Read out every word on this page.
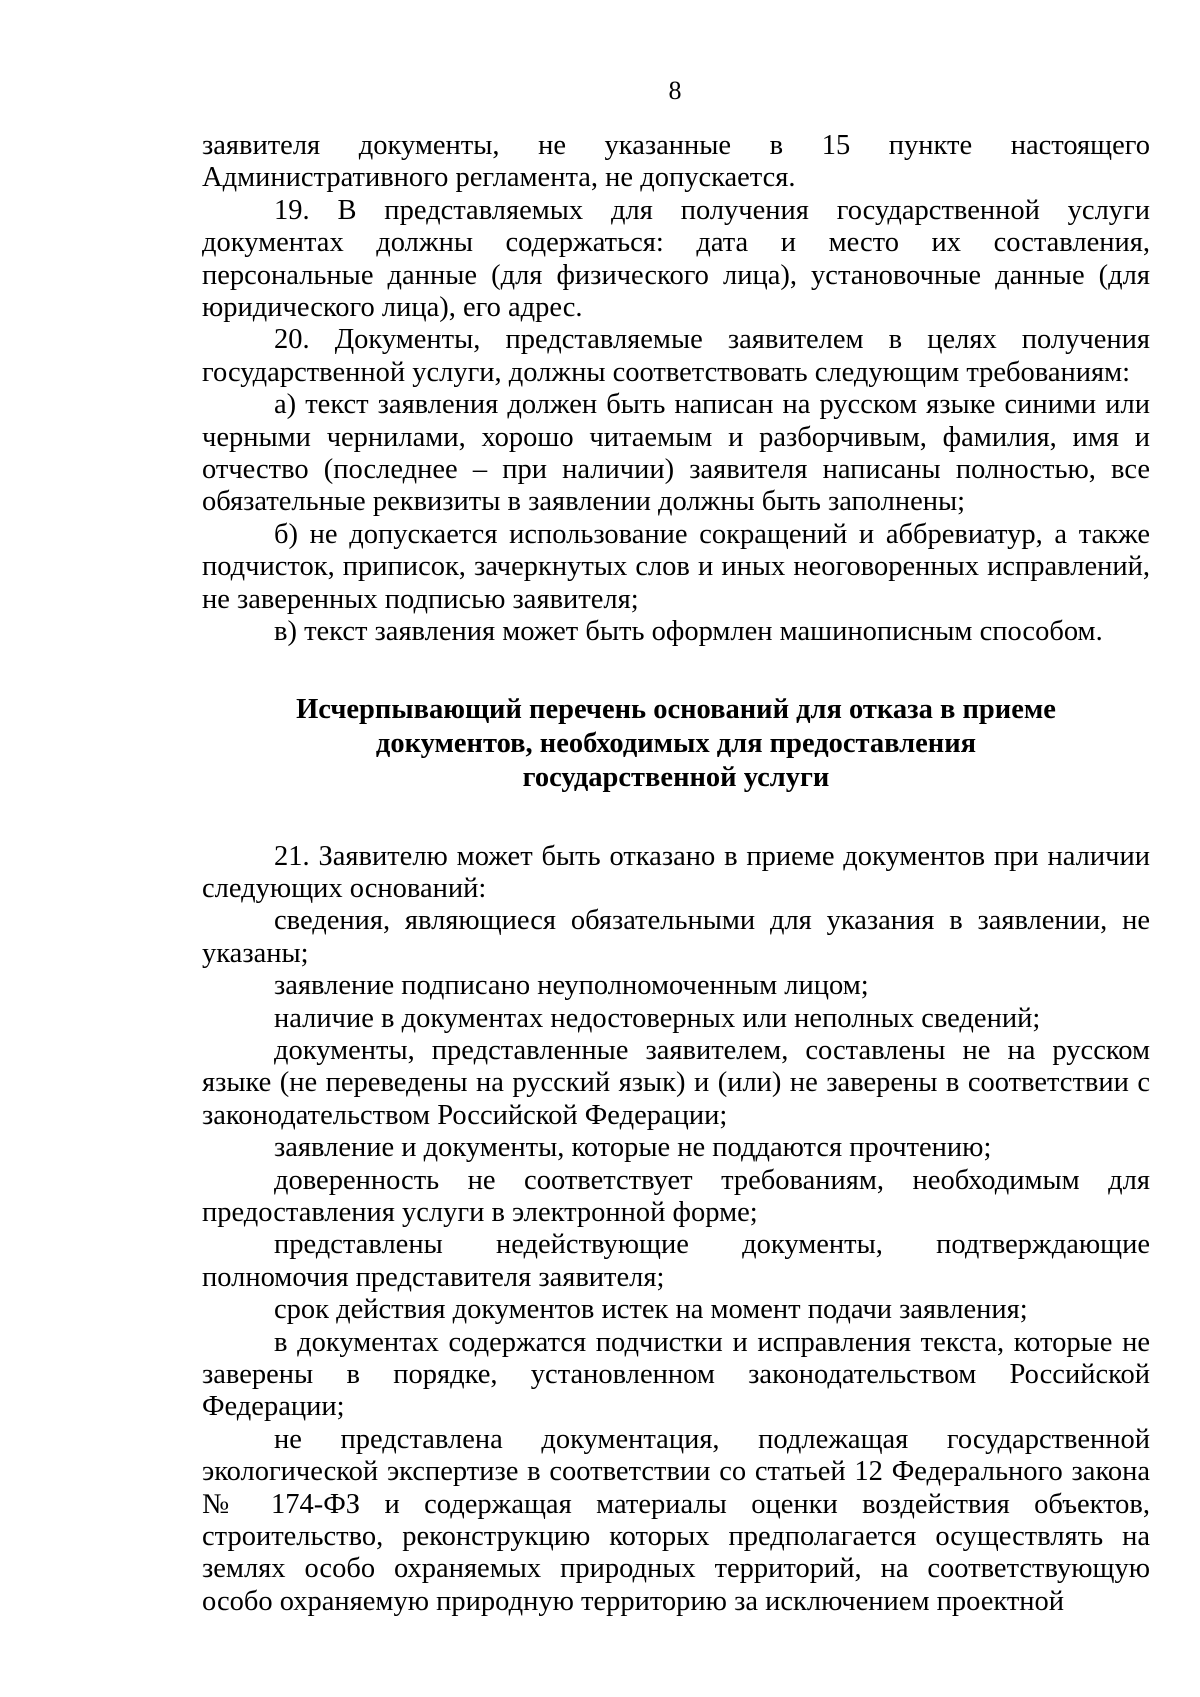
8

заявителя документы, не указанные в 15 пункте настоящего Административного регламента, не допускается.

19. В представляемых для получения государственной услуги документах должны содержаться: дата и место их составления, персональные данные (для физического лица), установочные данные (для юридического лица), его адрес.

20. Документы, представляемые заявителем в целях получения государственной услуги, должны соответствовать следующим требованиям:

а) текст заявления должен быть написан на русском языке синими или черными чернилами, хорошо читаемым и разборчивым, фамилия, имя и отчество (последнее – при наличии) заявителя написаны полностью, все обязательные реквизиты в заявлении должны быть заполнены;

б) не допускается использование сокращений и аббревиатур, а также подчисток, приписок, зачеркнутых слов и иных неоговоренных исправлений, не заверенных подписью заявителя;

в) текст заявления может быть оформлен машинописным способом.

Исчерпывающий перечень оснований для отказа в приеме
документов, необходимых для предоставления
государственной услуги

21. Заявителю может быть отказано в приеме документов при наличии следующих оснований:

сведения, являющиеся обязательными для указания в заявлении, не указаны;

заявление подписано неуполномоченным лицом;

наличие в документах недостоверных или неполных сведений;

документы, представленные заявителем, составлены не на русском языке (не переведены на русский язык) и (или) не заверены в соответствии с законодательством Российской Федерации;

заявление и документы, которые не поддаются прочтению;

доверенность не соответствует требованиям, необходимым для предоставления услуги в электронной форме;

представлены недействующие документы, подтверждающие полномочия представителя заявителя;

срок действия документов истек на момент подачи заявления;

в документах содержатся подчистки и исправления текста, которые не заверены в порядке, установленном законодательством Российской Федерации;

не представлена документация, подлежащая государственной экологической экспертизе в соответствии со статьей 12 Федерального закона № 174-ФЗ и содержащая материалы оценки воздействия объектов, строительство, реконструкцию которых предполагается осуществлять на землях особо охраняемых природных территорий, на соответствующую особо охраняемую природную территорию за исключением проектной
